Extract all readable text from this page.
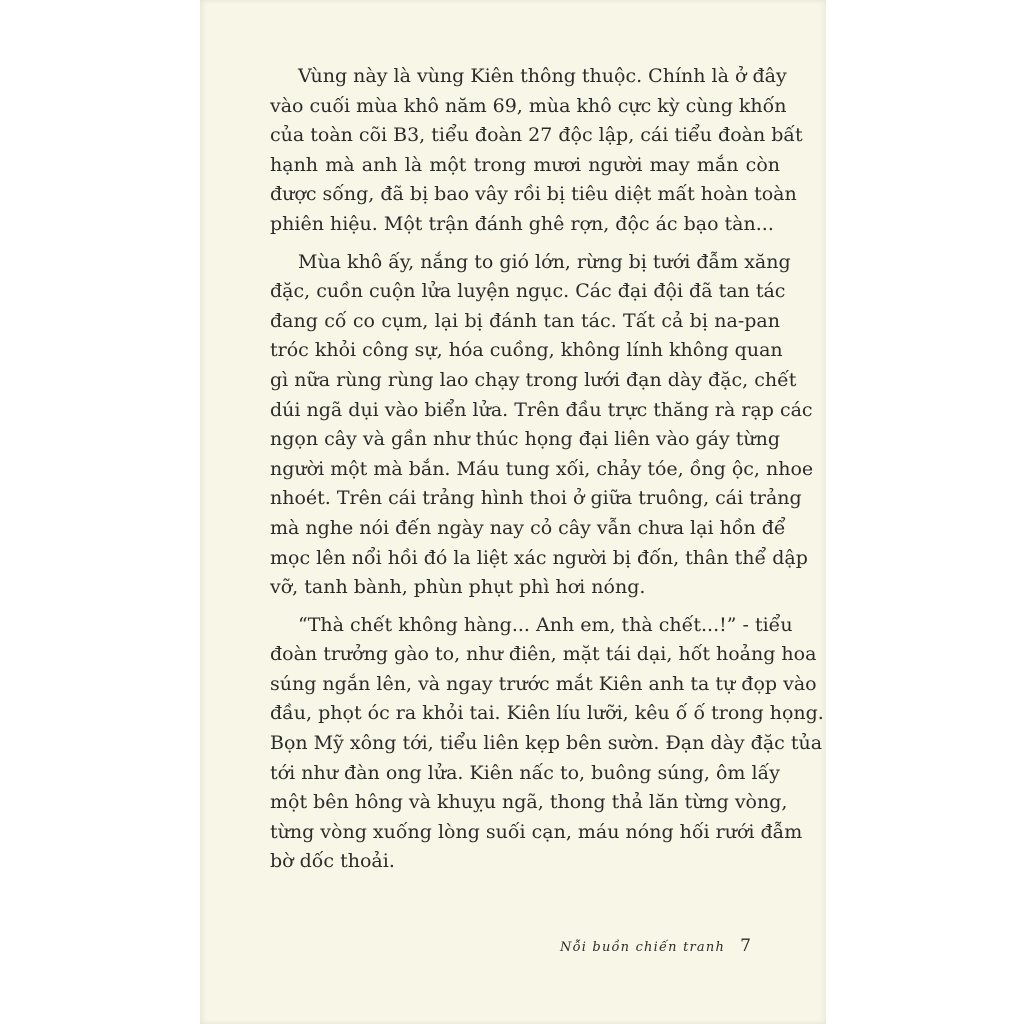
Vùng này là vùng Kiên thông thuộc. Chính là ở đây
vào cuối mùa khô năm 69, mùa khô cực kỳ cùng khốn
của toàn cõi B3, tiểu đoàn 27 độc lập, cái tiểu đoàn bất
hạnh mà anh là một trong mươi người may mắn còn
được sống, đã bị bao vây rồi bị tiêu diệt mất hoàn toàn
phiên hiệu. Một trận đánh ghê rợn, độc ác bạo tàn...
Mùa khô ấy, nắng to gió lớn, rừng bị tưới đẫm xăng
đặc, cuồn cuộn lửa luyện ngục. Các đại đội đã tan tác
đang cố co cụm, lại bị đánh tan tác. Tất cả bị na-pan
tróc khỏi công sự, hóa cuồng, không lính không quan
gì nữa rùng rùng lao chạy trong lưới đạn dày đặc, chết
dúi ngã dụi vào biển lửa. Trên đầu trực thăng rà rạp các
ngọn cây và gần như thúc họng đại liên vào gáy từng
người một mà bắn. Máu tung xối, chảy tóe, ồng ộc, nhoe
nhoét. Trên cái trảng hình thoi ở giữa truông, cái trảng
mà nghe nói đến ngày nay cỏ cây vẫn chưa lại hồn để
mọc lên nổi hồi đó la liệt xác người bị đốn, thân thể dập
vỡ, tanh bành, phùn phụt phì hơi nóng.
“Thà chết không hàng... Anh em, thà chết...!” - tiểu
đoàn trưởng gào to, như điên, mặt tái dại, hốt hoảng hoa
súng ngắn lên, và ngay trước mắt Kiên anh ta tự đọp vào
đầu, phọt óc ra khỏi tai. Kiên líu lưỡi, kêu ố ố trong họng.
Bọn Mỹ xông tới, tiểu liên kẹp bên sườn. Đạn dày đặc tủa
tới như đàn ong lửa. Kiên nấc to, buông súng, ôm lấy
một bên hông và khuỵu ngã, thong thả lăn từng vòng,
từng vòng xuống lòng suối cạn, máu nóng hối rưới đẫm
bờ dốc thoải.
Nỗi buồn chiến tranh 7
